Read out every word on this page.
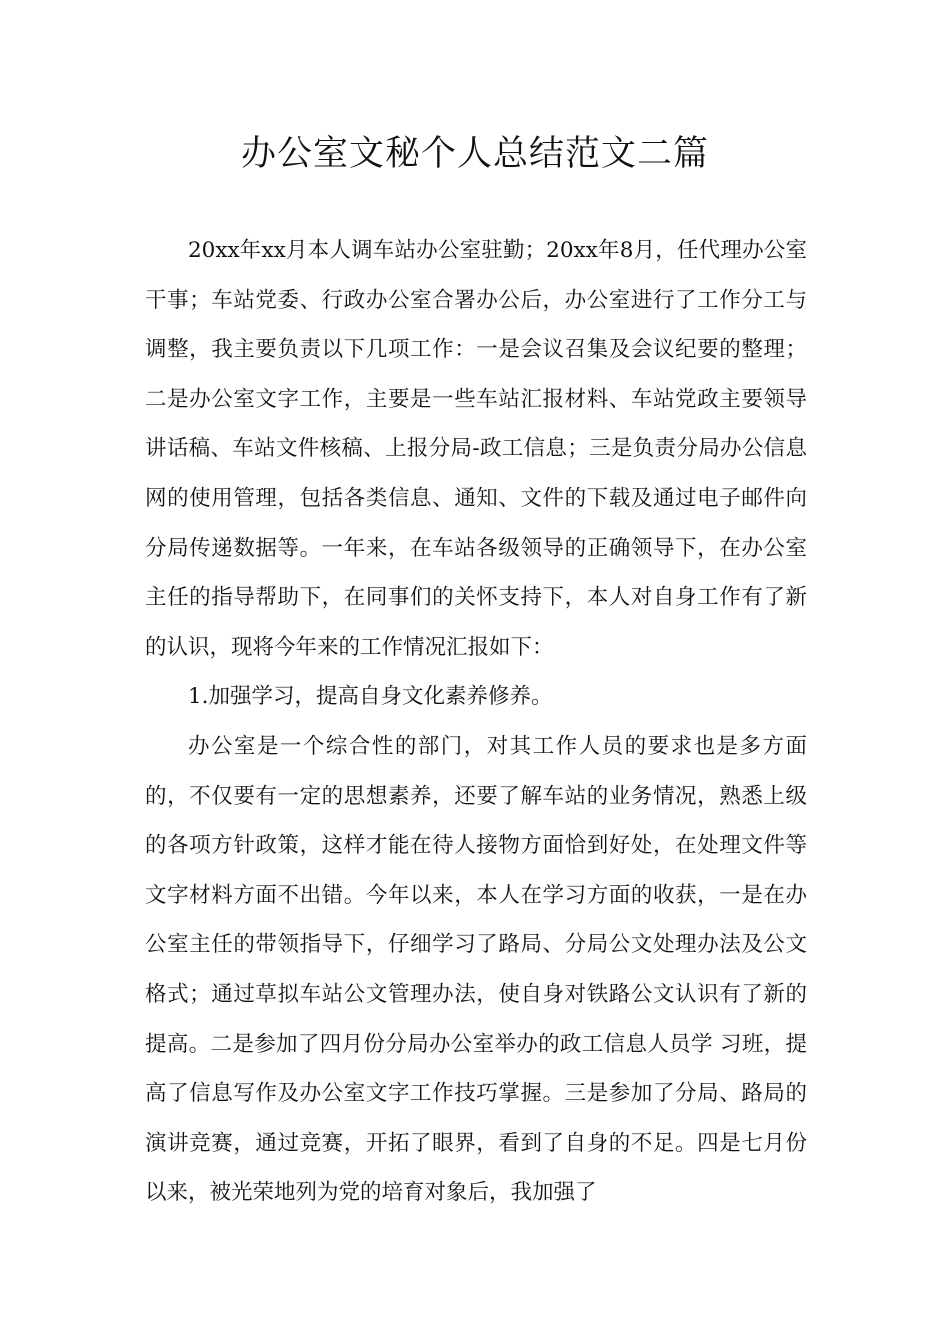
办公室文秘个人总结范文二篇

20xx年xx月本人调车站办公室驻勤；20xx年8月，任代理办公室干事；车站党委、行政办公室合署办公后，办公室进行了工作分工与调整，我主要负责以下几项工作：一是会议召集及会议纪要的整理；二是办公室文字工作，主要是一些车站汇报材料、车站党政主要领导讲话稿、车站文件核稿、上报分局-政工信息；三是负责分局办公信息网的使用管理，包括各类信息、通知、文件的下载及通过电子邮件向分局传递数据等。一年来，在车站各级领导的正确领导下，在办公室主任的指导帮助下，在同事们的关怀支持下，本人对自身工作有了新的认识，现将今年来的工作情况汇报如下：

1.加强学习，提高自身文化素养修养。

办公室是一个综合性的部门，对其工作人员的要求也是多方面的，不仅要有一定的思想素养，还要了解车站的业务情况，熟悉上级的各项方针政策，这样才能在待人接物方面恰到好处，在处理文件等文字材料方面不出错。今年以来，本人在学习方面的收获，一是在办公室主任的带领指导下，仔细学习了路局、分局公文处理办法及公文格式；通过草拟车站公文管理办法，使自身对铁路公文认识有了新的提高。二是参加了四月份分局办公室举办的政工信息人员学 习班，提高了信息写作及办公室文字工作技巧掌握。三是参加了分局、路局的演讲竞赛，通过竞赛，开拓了眼界，看到了自身的不足。四是七月份以来，被光荣地列为党的培育对象后，我加强了
